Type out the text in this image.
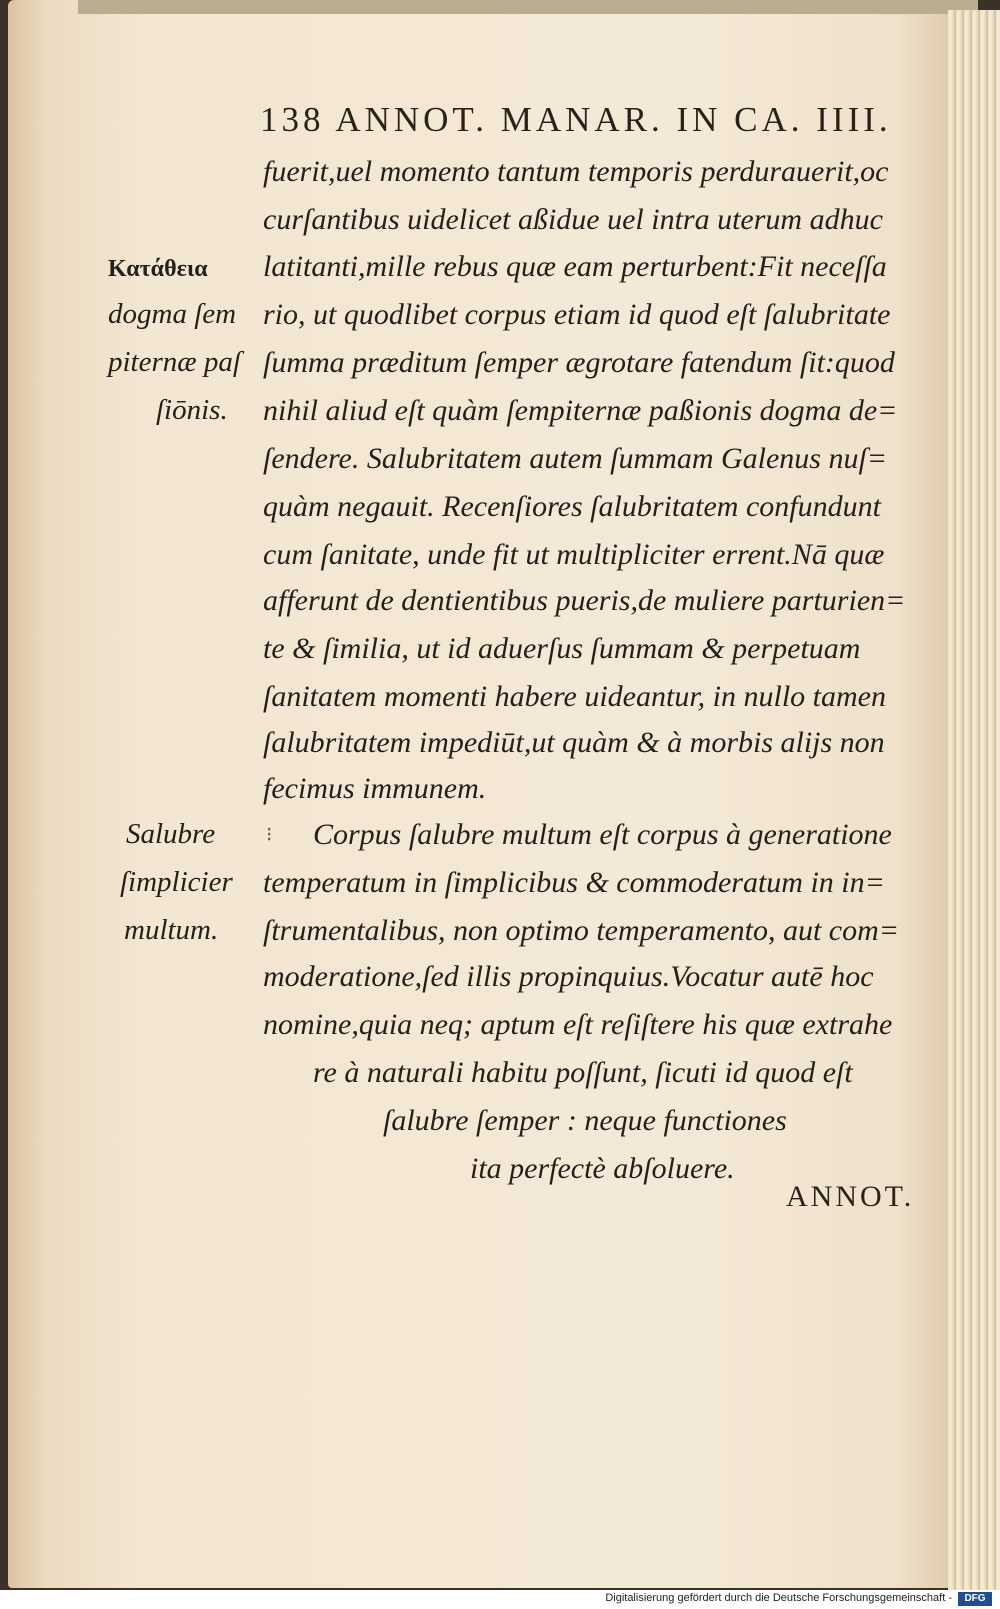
138 ANNOT. MANAR. IN CA. IIII.
fuerit,uel momento tantum temporis perdurauerit,oc
curſantibus uidelicet aßidue uel intra uterum adhuc
latitanti,mille rebus quæ eam perturbent:Fit neceſſa
rio, ut quodlibet corpus etiam id quod eſt ſalubritate
ſumma præditum ſemper ægrotare fatendum ſit:quod
nihil aliud eſt quàm ſempiternæ paßionis dogma de=
ſendere. Salubritatem autem ſummam Galenus nuſ=
quàm negauit. Recenſiores ſalubritatem confundunt
cum ſanitate, unde fit ut multipliciter errent.Nā quæ
afferunt de dentientibus pueris,de muliere parturien=
te & ſimilia, ut id aduerſus ſummam & perpetuam
ſanitatem momenti habere uideantur, in nullo tamen
ſalubritatem impediūt,ut quàm & à morbis alijs non
fecimus immunem.
Corpus ſalubre multum eſt corpus à generatione
temperatum in ſimplicibus & commoderatum in in=
ſtrumentalibus, non optimo temperamento, aut com=
moderatione,ſed illis propinquius.Vocatur autē hoc
nomine,quia neq; aptum eſt reſiſtere his quæ extrahe
re à naturali habitu poſſunt, ſicuti id quod eſt
ſalubre ſemper : neque functiones
ita perfectè abſoluere.
Κατάθεια
dogma ſem
piternæ paſ
ſiōnis.
Salubre
ſimplicier
multum.
⁝
ANNOT.
Digitalisierung gefördert durch die Deutsche Forschungsgemeinschaft -	DFG
